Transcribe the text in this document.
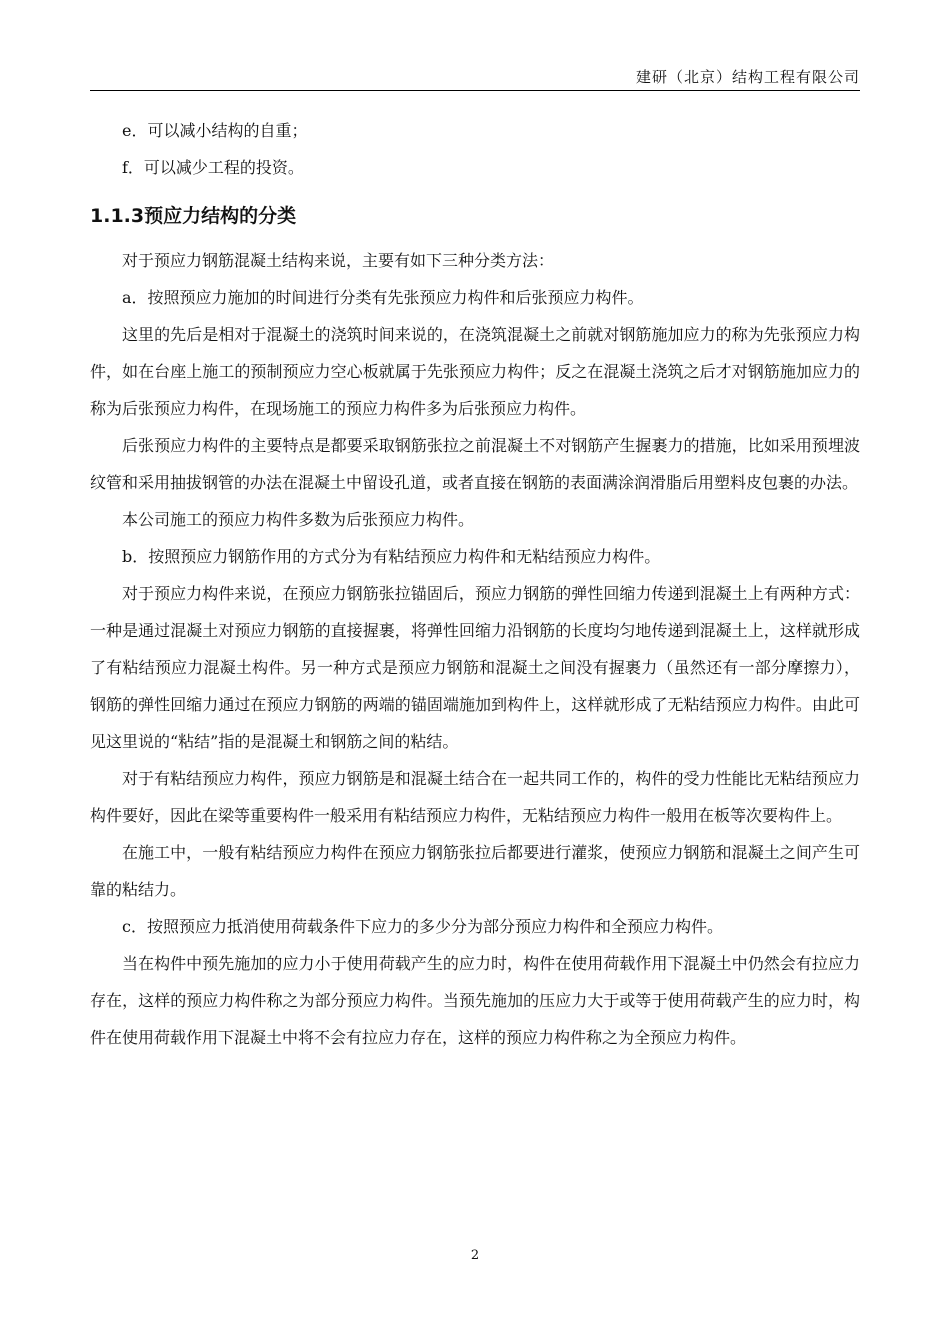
建研（北京）结构工程有限公司

e．可以减小结构的自重；

f．可以减少工程的投资。

1.1.3预应力结构的分类

对于预应力钢筋混凝土结构来说，主要有如下三种分类方法：

a．按照预应力施加的时间进行分类有先张预应力构件和后张预应力构件。

这里的先后是相对于混凝土的浇筑时间来说的，在浇筑混凝土之前就对钢筋施加应力的称为先张预应力构件，如在台座上施工的预制预应力空心板就属于先张预应力构件；反之在混凝土浇筑之后才对钢筋施加应力的称为后张预应力构件，在现场施工的预应力构件多为后张预应力构件。

后张预应力构件的主要特点是都要采取钢筋张拉之前混凝土不对钢筋产生握裹力的措施，比如采用预埋波纹管和采用抽拔钢管的办法在混凝土中留设孔道，或者直接在钢筋的表面满涂润滑脂后用塑料皮包裹的办法。

本公司施工的预应力构件多数为后张预应力构件。

b．按照预应力钢筋作用的方式分为有粘结预应力构件和无粘结预应力构件。

对于预应力构件来说，在预应力钢筋张拉锚固后，预应力钢筋的弹性回缩力传递到混凝土上有两种方式：一种是通过混凝土对预应力钢筋的直接握裹，将弹性回缩力沿钢筋的长度均匀地传递到混凝土上，这样就形成了有粘结预应力混凝土构件。另一种方式是预应力钢筋和混凝土之间没有握裹力（虽然还有一部分摩擦力），钢筋的弹性回缩力通过在预应力钢筋的两端的锚固端施加到构件上，这样就形成了无粘结预应力构件。由此可见这里说的“粘结”指的是混凝土和钢筋之间的粘结。

对于有粘结预应力构件，预应力钢筋是和混凝土结合在一起共同工作的，构件的受力性能比无粘结预应力构件要好，因此在梁等重要构件一般采用有粘结预应力构件，无粘结预应力构件一般用在板等次要构件上。

在施工中，一般有粘结预应力构件在预应力钢筋张拉后都要进行灌浆，使预应力钢筋和混凝土之间产生可靠的粘结力。

c．按照预应力抵消使用荷载条件下应力的多少分为部分预应力构件和全预应力构件。

当在构件中预先施加的应力小于使用荷载产生的应力时，构件在使用荷载作用下混凝土中仍然会有拉应力存在，这样的预应力构件称之为部分预应力构件。当预先施加的压应力大于或等于使用荷载产生的应力时，构件在使用荷载作用下混凝土中将不会有拉应力存在，这样的预应力构件称之为全预应力构件。

2
